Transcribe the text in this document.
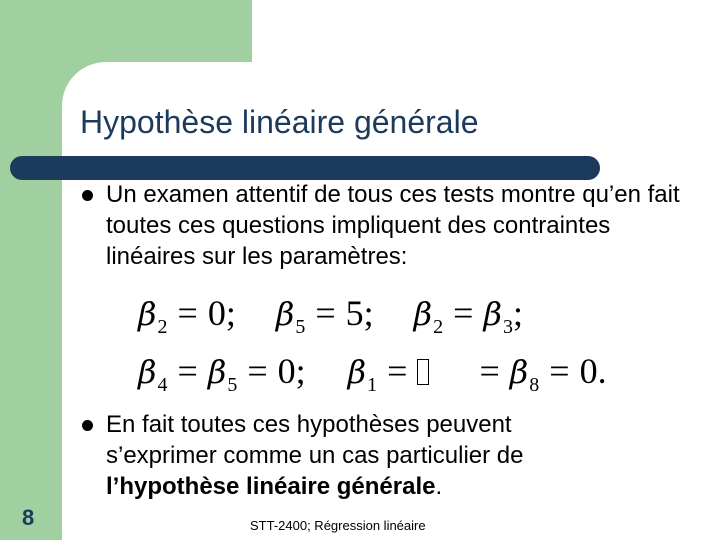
Hypothèse linéaire générale

Un examen attentif de tous ces tests montre qu’en fait toutes ces questions impliquent des contraintes linéaires sur les paramètres:

$\beta_2 = 0$; $\beta_5 = 5$; $\beta_2 = \beta_3$;
$\beta_4 = \beta_5 = 0$; $\beta_1$ = = $\beta_8 = 0$.

En fait toutes ces hypothèses peuvent s’exprimer comme un cas particulier de l’hypothèse linéaire générale.

8	STT-2400; Régression linéaire
